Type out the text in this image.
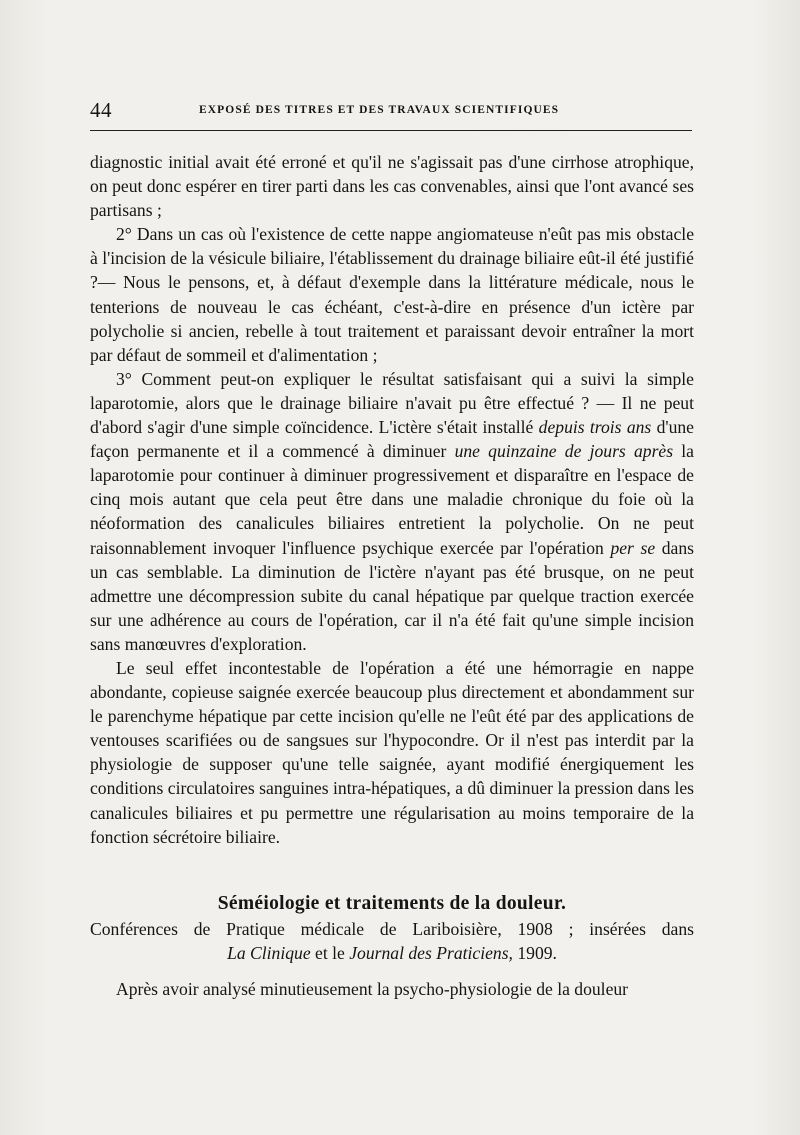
44	EXPOSÉ DES TITRES ET DES TRAVAUX SCIENTIFIQUES

diagnostic initial avait été erroné et qu'il ne s'agissait pas d'une cirrhose atrophique, on peut donc espérer en tirer parti dans les cas convenables, ainsi que l'ont avancé ses partisans ;

2° Dans un cas où l'existence de cette nappe angiomateuse n'eût pas mis obstacle à l'incision de la vésicule biliaire, l'établissement du drainage biliaire eût-il été justifié ?— Nous le pensons, et, à défaut d'exemple dans la littérature médicale, nous le tenterions de nouveau le cas échéant, c'est-à-dire en présence d'un ictère par polycholie si ancien, rebelle à tout traitement et paraissant devoir entraîner la mort par défaut de sommeil et d'alimentation ;

3° Comment peut-on expliquer le résultat satisfaisant qui a suivi la simple laparotomie, alors que le drainage biliaire n'avait pu être effectué ? — Il ne peut d'abord s'agir d'une simple coïncidence. L'ictère s'était installé depuis trois ans d'une façon permanente et il a commencé à diminuer une quinzaine de jours après la laparotomie pour continuer à diminuer progressivement et disparaître en l'espace de cinq mois autant que cela peut être dans une maladie chronique du foie où la néoformation des canalicules biliaires entretient la polycholie. On ne peut raisonnablement invoquer l'influence psychique exercée par l'opération per se dans un cas semblable. La diminution de l'ictère n'ayant pas été brusque, on ne peut admettre une décompression subite du canal hépatique par quelque traction exercée sur une adhérence au cours de l'opération, car il n'a été fait qu'une simple incision sans manœuvres d'exploration.

Le seul effet incontestable de l'opération a été une hémorragie en nappe abondante, copieuse saignée exercée beaucoup plus directement et abondamment sur le parenchyme hépatique par cette incision qu'elle ne l'eût été par des applications de ventouses scarifiées ou de sangsues sur l'hypocondre. Or il n'est pas interdit par la physiologie de supposer qu'une telle saignée, ayant modifié énergiquement les conditions circulatoires sanguines intra-hépatiques, a dû diminuer la pression dans les canalicules biliaires et pu permettre une régularisation au moins temporaire de la fonction sécrétoire biliaire.

Séméiologie et traitements de la douleur.

Conférences de Pratique médicale de Lariboisière, 1908 ; insérées dans
La Clinique et le Journal des Praticiens, 1909.

Après avoir analysé minutieusement la psycho-physiologie de la douleur
